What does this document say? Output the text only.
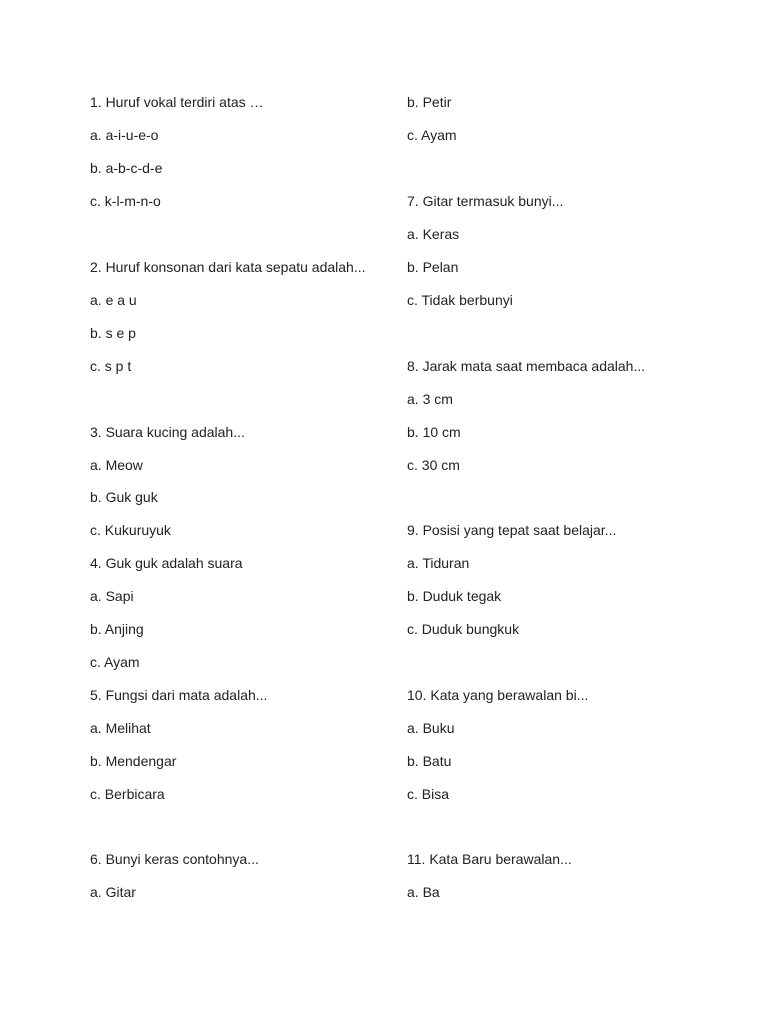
1. Huruf vokal terdiri atas …
a. a-i-u-e-o
b. a-b-c-d-e
c. k-l-m-n-o
2. Huruf konsonan dari kata sepatu adalah...
a. e a u
b. s e p
c. s p t
3. Suara kucing adalah...
a. Meow
b. Guk guk
c. Kukuruyuk
4. Guk guk adalah suara
a. Sapi
b. Anjing
c. Ayam
5. Fungsi dari mata adalah...
a. Melihat
b. Mendengar
c. Berbicara
6. Bunyi keras contohnya...
a. Gitar
b. Petir
c. Ayam
7. Gitar termasuk bunyi...
a. Keras
b. Pelan
c. Tidak berbunyi
8. Jarak mata saat membaca adalah...
a. 3 cm
b. 10 cm
c. 30 cm
9. Posisi yang tepat saat belajar...
a. Tiduran
b. Duduk tegak
c. Duduk bungkuk
10. Kata yang berawalan bi...
a. Buku
b. Batu
c. Bisa
11. Kata Baru berawalan...
a. Ba
